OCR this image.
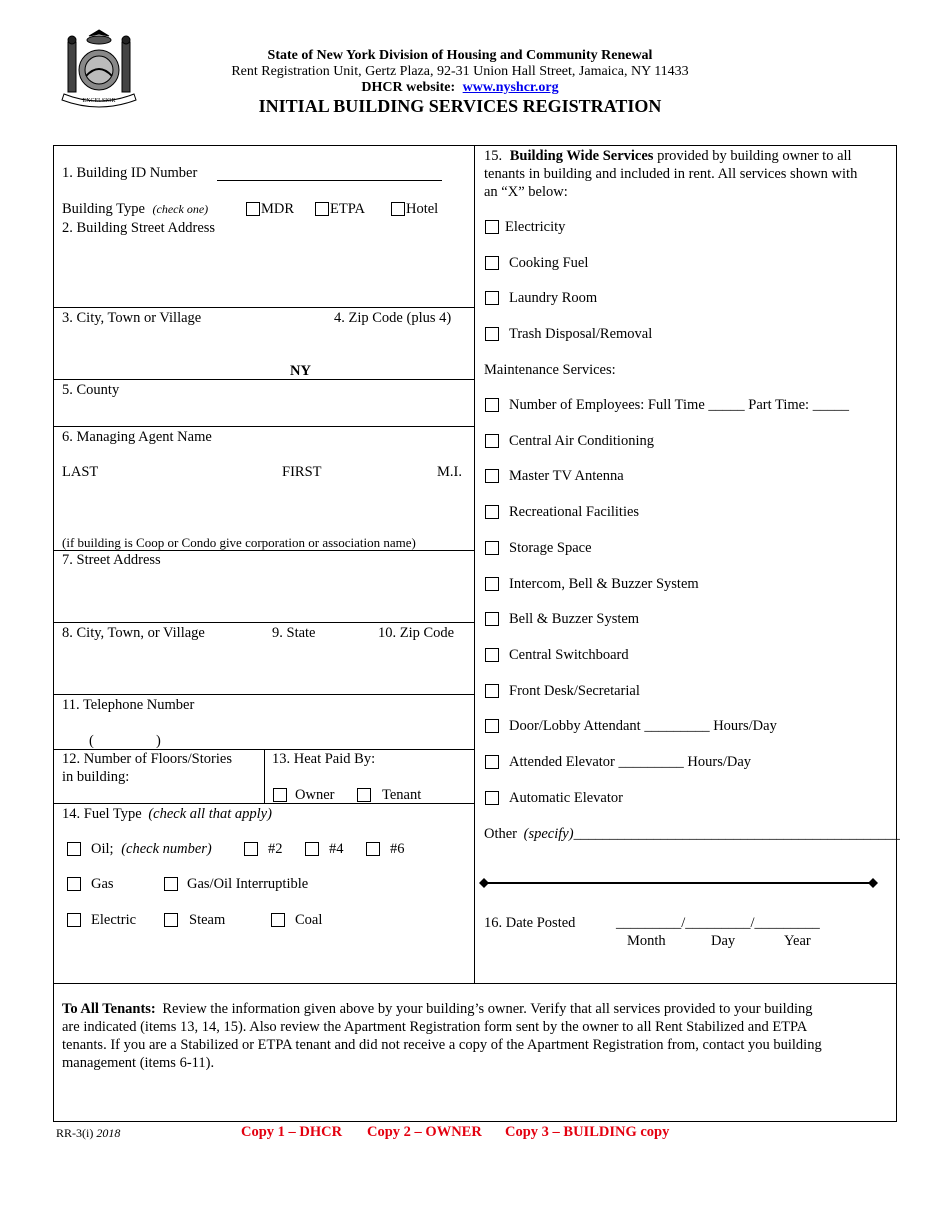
EXCELSIOR
State of New York Division of Housing and Community Renewal
Rent Registration Unit, Gertz Plaza, 92-31 Union Hall Street, Jamaica, NY 11433
DHCR website: www.nyshcr.org
INITIAL BUILDING SERVICES REGISTRATION
1. Building ID Number
Building Type (check one)	MDR ETPA	Hotel
2. Building Street Address
3. City, Town or Village	4. Zip Code (plus 4)
NY
5. County
6. Managing Agent Name
LAST	FIRST	M.I.
(if building is Coop or Condo give corporation or association name)
7. Street Address
8. City, Town, or Village	9. State	10. Zip Code
11. Telephone Number
(	)
12. Number of Floors/Stories
in building:
13. Heat Paid By:
Owner	Tenant
14. Fuel Type (check all that apply)
Oil; (check number)	#2	#4	#6
Gas	Gas/Oil Interruptible
Electric	Steam	Coal
15. Building Wide Services provided by building owner to all
tenants in building and included in rent. All services shown with
an “X” below:
Electricity
Cooking Fuel
Laundry Room
Trash Disposal/Removal
Maintenance Services:
Number of Employees: Full Time _____ Part Time: _____
Central Air Conditioning
Master TV Antenna
Recreational Facilities
Storage Space
Intercom, Bell & Buzzer System
Bell & Buzzer System
Central Switchboard
Front Desk/Secretarial
Door/Lobby Attendant _________ Hours/Day
Attended Elevator _________ Hours/Day
Automatic Elevator
Other (specify)_____________________________________________
16. Date Posted	_________/_________/_________
Month	Day	Year
To All Tenants: Review the information given above by your building’s owner. Verify that all services provided to your building
are indicated (items 13, 14, 15). Also review the Apartment Registration form sent by the owner to all Rent Stabilized and ETPA
tenants. If you are a Stabilized or ETPA tenant and did not receive a copy of the Apartment Registration from, contact you building
management (items 6-11).
RR-3(i) 2018	Copy 1 – DHCR Copy 2 – OWNER Copy 3 – BUILDING copy
